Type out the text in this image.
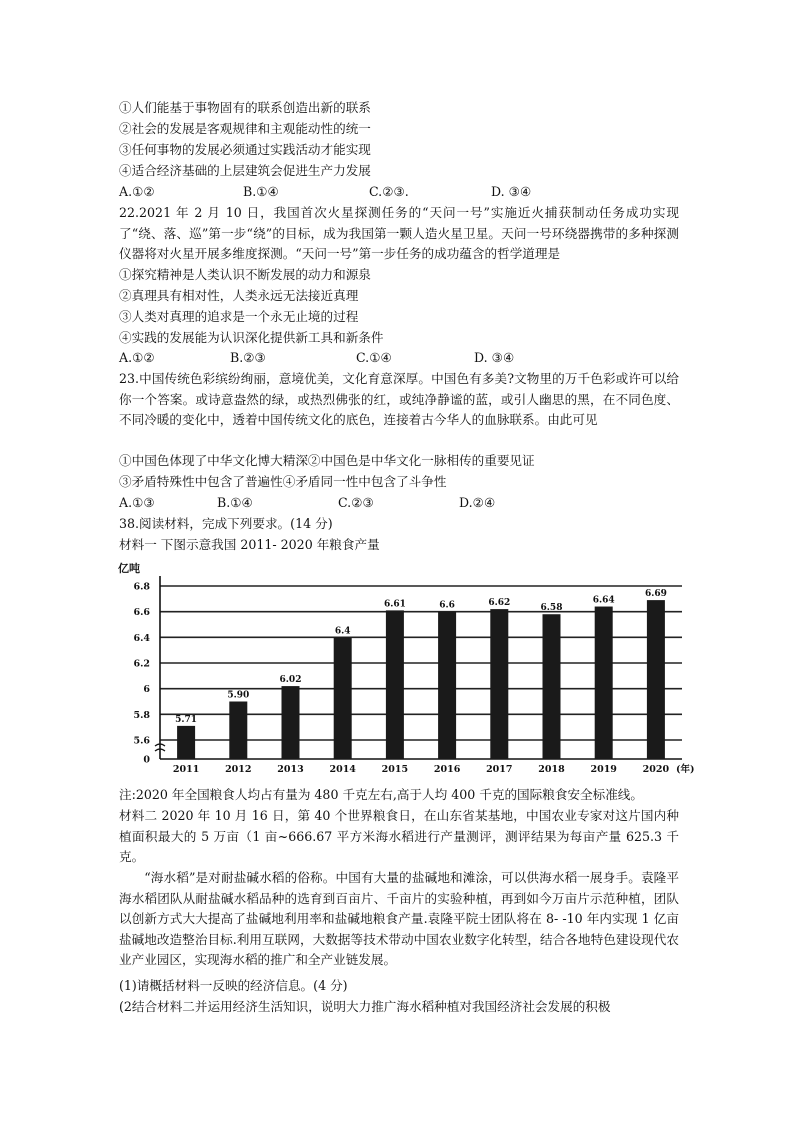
①人们能基于事物固有的联系创造出新的联系
②社会的发展是客观规律和主观能动性的统一
③任何事物的发展必须通过实践活动才能实现
④适合经济基础的上层建筑会促进生产力发展
A.①②	B.①④	C.②③.	D. ③④
22.2021 年 2 月 10 日，我国首次火星探测任务的“天问一号”实施近火捕获制动任务成功实现了“绕、落、巡”第一步“绕”的目标，成为我国第一颗人造火星卫星。天问一号环绕器携带的多种探测仪器将对火星开展多维度探测。“天问一号”第一步任务的成功蕴含的哲学道理是
①探究精神是人类认识不断发展的动力和源泉
②真理具有相对性，人类永远无法接近真理
③人类对真理的追求是一个永无止境的过程
④实践的发展能为认识深化提供新工具和新条件
A.①②	B.②③	C.①④	D. ③④
23.中国传统色彩缤纷绚丽，意境优美，文化育意深厚。中国色有多美?文物里的万千色彩或许可以给你一个答案。或诗意盎然的绿，或热烈佛张的红，或纯净静谧的蓝，或引人幽思的黑，在不同色度、不同冷暖的变化中，透着中国传统文化的底色，连接着古今华人的血脉联系。由此可见
①中国色体现了中华文化博大精深②中国色是中华文化一脉相传的重要见证
③矛盾特殊性中包含了普遍性④矛盾同一性中包含了斗争性
A.①③	B.①④	C.②③	D.②④
38.阅读材料，完成下列要求。(14 分)
材料一 下图示意我国 2011- 2020 年粮食产量
0
5.6
5.8
6
6.2
6.4
6.6
6.8
亿吨
5.71
2011
5.90
2012
6.02
2013
6.4
2014
6.61
2015
6.6
2016
6.62
2017
6.58
2018
6.64
2019
6.69
2020 (年)
注:2020 年全国粮食人均占有量为 480 千克左右,高于人均 400 千克的国际粮食安全标准线。
材料二 2020 年 10 月 16 日，第 40 个世界粮食日，在山东省某基地，中国农业专家对这片国内种植面积最大的 5 万亩（1 亩~666.67 平方米海水稻进行产量测评，测评结果为每亩产量 625.3 千克。
“海水稻”是对耐盐碱水稻的俗称。中国有大量的盐碱地和滩涂，可以供海水稻一展身手。袁隆平海水稻团队从耐盐碱水稻品种的选育到百亩片、千亩片的实验种植，再到如今万亩片示范种植，团队以创新方式大大提高了盐碱地利用率和盐碱地粮食产量.袁隆平院士团队将在 8- -10 年内实现 1 亿亩盐碱地改造整治目标.利用互联网，大数据等技术带动中国农业数字化转型，结合各地特色建设现代农业产业园区，实现海水稻的推广和全产业链发展。
(1)请概括材料一反映的经济信息。(4 分)
(2结合材料二并运用经济生活知识，说明大力推广海水稻种植对我国经济社会发展的积极
